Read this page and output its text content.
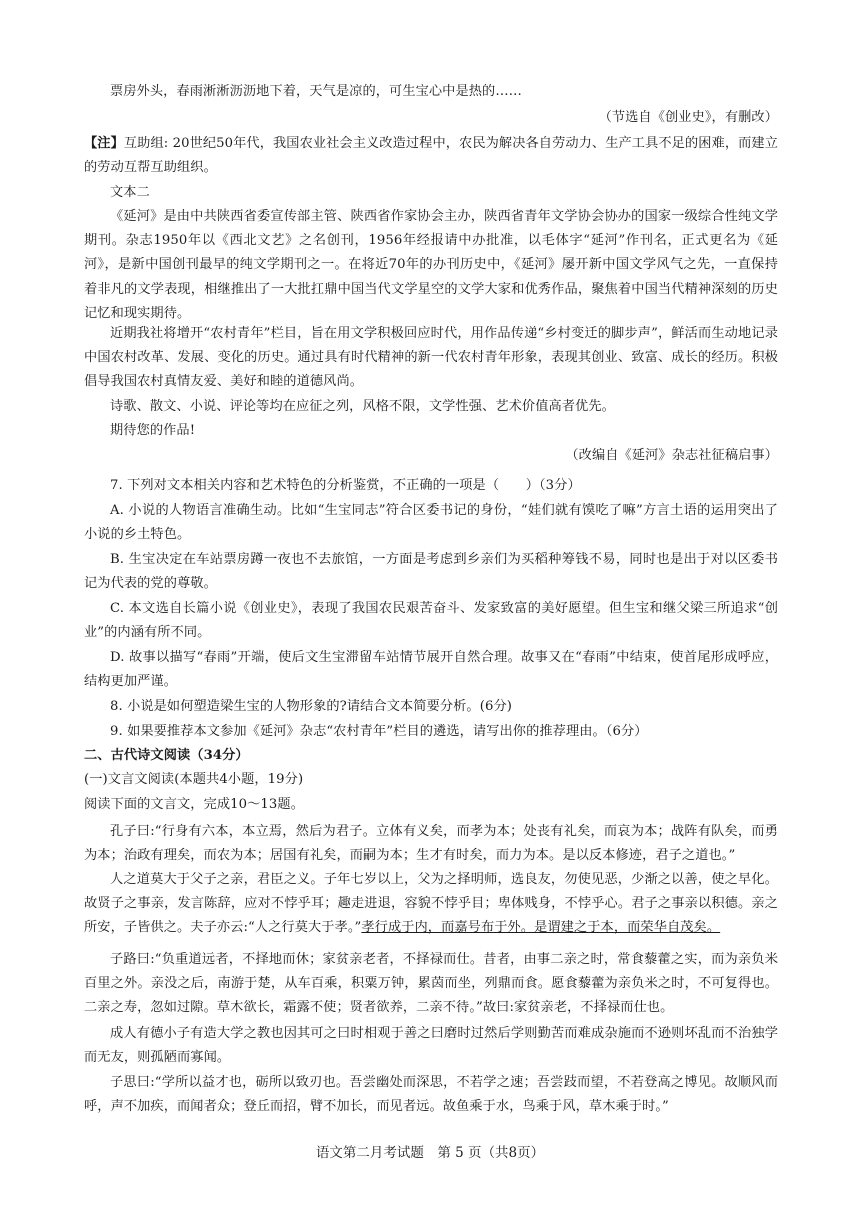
票房外头，春雨淅淅沥沥地下着，天气是凉的，可生宝心中是热的……

（节选自《创业史》，有删改）

【注】互助组: 20世纪50年代，我国农业社会主义改造过程中，农民为解决各自劳动力、生产工具不足的困难，而建立的劳动互帮互助组织。

文本二

《延河》是由中共陕西省委宣传部主管、陕西省作家协会主办，陕西省青年文学协会协办的国家一级综合性纯文学期刊。杂志1950年以《西北文艺》之名创刊，1956年经报请中办批准，以毛体字“延河”作刊名，正式更名为《延河》，是新中国创刊最早的纯文学期刊之一。在将近70年的办刊历史中，《延河》屡开新中国文学风气之先，一直保持着非凡的文学表现，相继推出了一大批扛鼎中国当代文学星空的文学大家和优秀作品，聚焦着中国当代精神深刻的历史记忆和现实期待。

近期我社将增开“农村青年”栏目，旨在用文学积极回应时代，用作品传递“乡村变迁的脚步声”，鲜活而生动地记录中国农村改革、发展、变化的历史。通过具有时代精神的新一代农村青年形象，表现其创业、致富、成长的经历。积极倡导我国农村真情友爱、美好和睦的道德风尚。

诗歌、散文、小说、评论等均在应征之列，风格不限，文学性强、艺术价值高者优先。

期待您的作品!

（改编自《延河》杂志社征稿启事）

7. 下列对文本相关内容和艺术特色的分析鉴赏，不正确的一项是（　　）（3分）

A. 小说的人物语言准确生动。比如“生宝同志”符合区委书记的身份，“娃们就有馍吃了嘛”方言土语的运用突出了小说的乡土特色。

B. 生宝决定在车站票房蹲一夜也不去旅馆，一方面是考虑到乡亲们为买稻种筹钱不易，同时也是出于对以区委书记为代表的党的尊敬。

C. 本文选自长篇小说《创业史》，表现了我国农民艰苦奋斗、发家致富的美好愿望。但生宝和继父梁三所追求“创业”的内涵有所不同。

D. 故事以描写“春雨”开端，使后文生宝滞留车站情节展开自然合理。故事又在“春雨”中结束，使首尾形成呼应，结构更加严谨。

8. 小说是如何塑造梁生宝的人物形象的?请结合文本简要分析。(6分)

9. 如果要推荐本文参加《延河》杂志“农村青年”栏目的遴选，请写出你的推荐理由。（6分）

二、古代诗文阅读（34分）

(一)文言文阅读(本题共4小题，19分)

阅读下面的文言文，完成10～13题。

孔子曰:“行身有六本，本立焉，然后为君子。立体有义矣，而孝为本；处丧有礼矣，而哀为本；战阵有队矣，而勇为本；治政有理矣，而农为本；居国有礼矣，而嗣为本；生才有时矣，而力为本。是以反本修迹，君子之道也。”

人之道莫大于父子之亲，君臣之义。子年七岁以上，父为之择明师，选良友，勿使见恶，少渐之以善，使之早化。故贤子之事亲，发言陈辞，应对不悖乎耳；趣走进退，容貌不悖乎目；卑体贱身，不悖乎心。君子之事亲以积德。亲之所安，子皆供之。夫子亦云:“人之行莫大于孝。”孝行成于内，而嘉号布于外。是谓建之于本，而荣华自茂矣。

子路曰:“负重道远者，不择地而休；家贫亲老者，不择禄而仕。昔者，由事二亲之时，常食藜藿之实，而为亲负米百里之外。亲没之后，南游于楚，从车百乘，积粟万钟，累茵而坐，列鼎而食。愿食藜藿为亲负米之时，不可复得也。二亲之寿，忽如过隙。草木欲长，霜露不使；贤者欲养，二亲不待。”故曰:家贫亲老，不择禄而仕也。

成人有德小子有造大学之教也因其可之曰时相观于善之曰磨时过然后学则勤苦而难成杂施而不逊则坏乱而不治独学而无友，则孤陋而寡闻。

子思曰:“学所以益才也，砺所以致刃也。吾尝幽处而深思，不若学之速；吾尝跂而望，不若登高之博见。故顺风而呼，声不加疾，而闻者众；登丘而招，臂不加长，而见者远。故鱼乘于水，鸟乘于风，草木乘于时。”

语文第二月考试题　第 5 页（共8页）
